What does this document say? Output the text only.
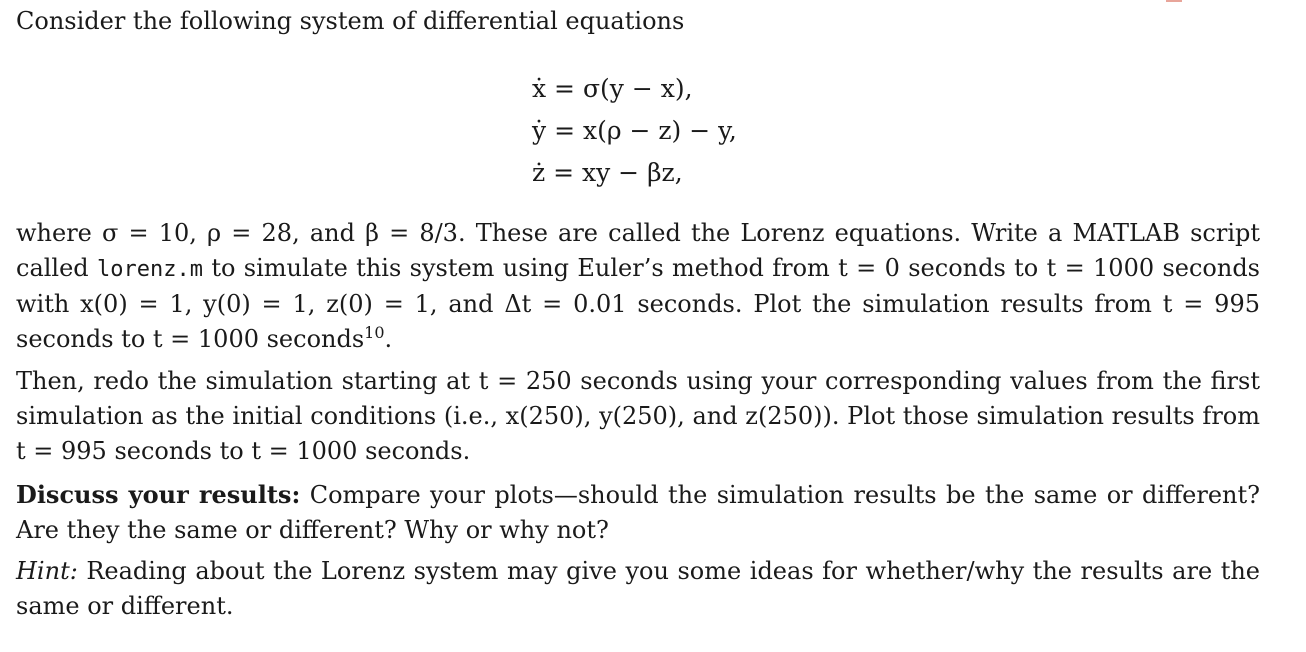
Consider the following system of differential equations
ẋ = σ(y − x),
ẏ = x(ρ − z) − y,
ż = xy − βz,
where σ = 10, ρ = 28, and β = 8/3. These are called the Lorenz equations. Write a MATLAB script called lorenz.m to simulate this system using Euler’s method from t = 0 seconds to t = 1000 seconds with x(0) = 1, y(0) = 1, z(0) = 1, and Δt = 0.01 seconds. Plot the simulation results from t = 995 seconds to t = 1000 seconds$^{10}$.
Then, redo the simulation starting at t = 250 seconds using your corresponding values from the first simulation as the initial conditions (i.e., x(250), y(250), and z(250)). Plot those simulation results from t = 995 seconds to t = 1000 seconds.
Discuss your results: Compare your plots—should the simulation results be the same or different? Are they the same or different? Why or why not?
Hint: Reading about the Lorenz system may give you some ideas for whether/why the results are the same or different.
